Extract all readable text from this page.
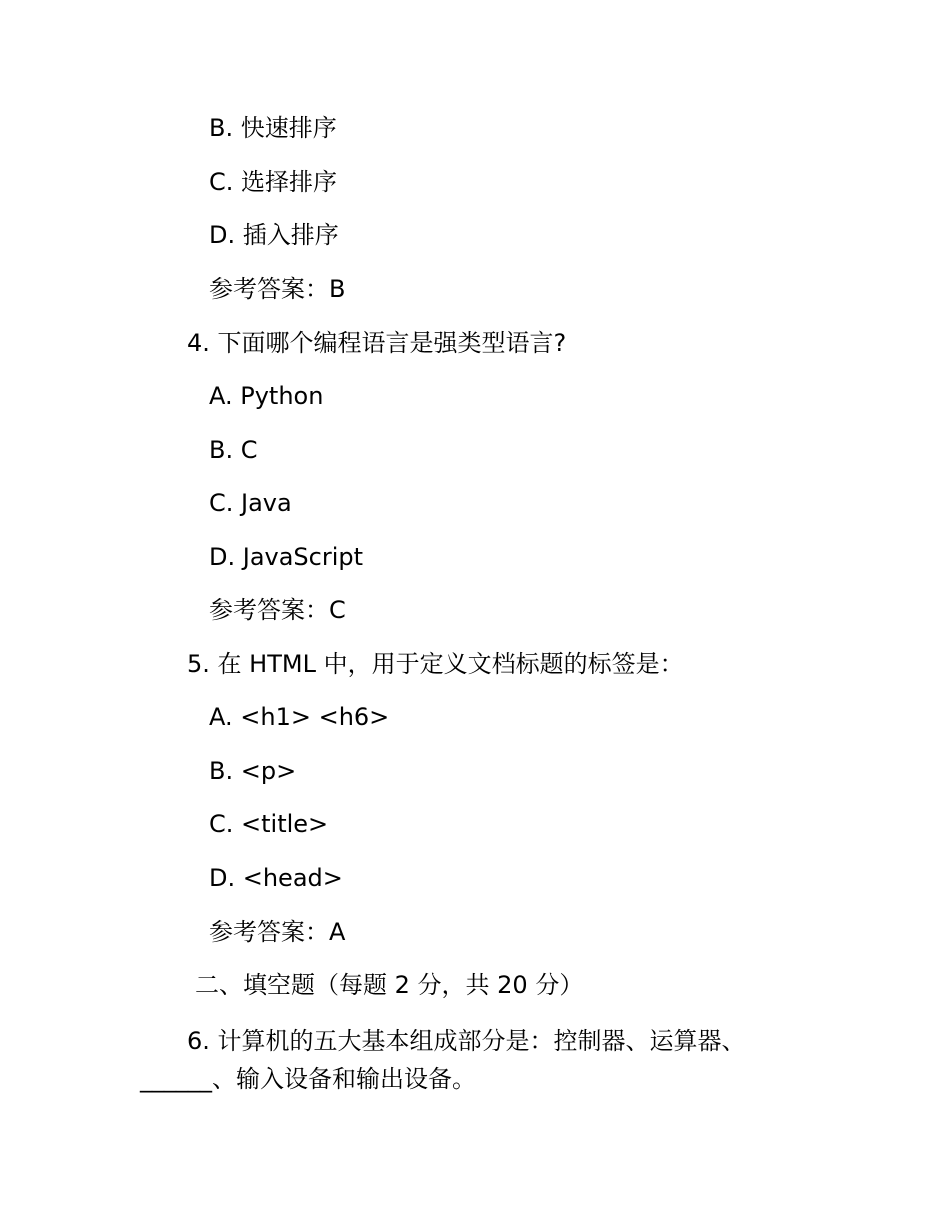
B. 快速排序
C. 选择排序
D. 插入排序
参考答案：B
4. 下面哪个编程语言是强类型语言?
A. Python
B. C
C. Java
D. JavaScript
参考答案：C
5. 在 HTML 中，用于定义文档标题的标签是：
A. <h1> <h6>
B. <p>
C. <title>
D. <head>
参考答案：A
二、填空题（每题 2 分，共 20 分）
6. 计算机的五大基本组成部分是：控制器、运算器、______、输入设备和输出设备。
